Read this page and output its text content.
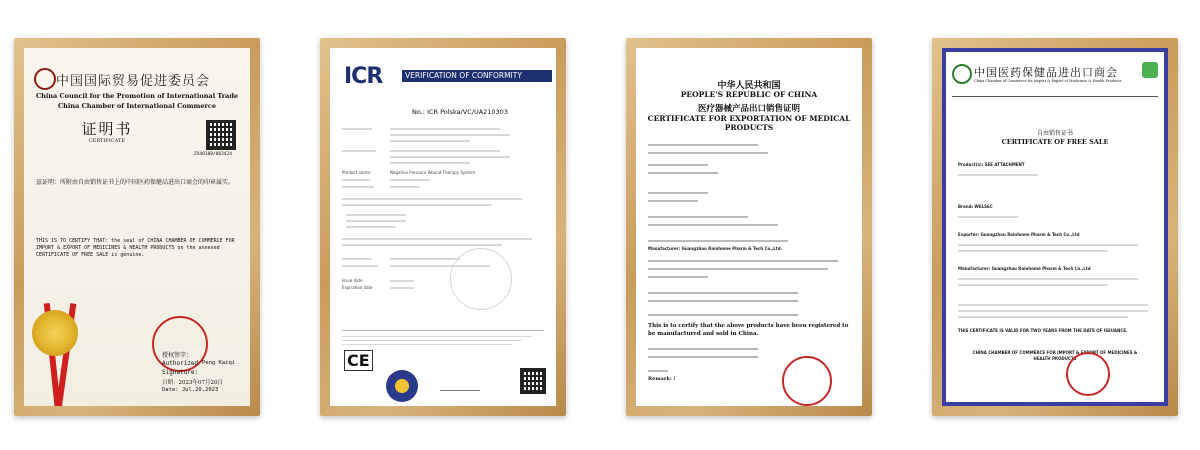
中国国际贸易促进委员会
China Council for the Promotion of International Trade
China Chamber of International Commerce
证明书
CERTIFICATE
ZX40188/003424
兹证明：所附由自由销售证书上的中国医药保健品进出口商会的印章属实。
THIS IS TO CERTIFY THAT: the seal of CHINA CHAMBER OF COMMERCE FOR IMPORT & EXPORT OF MEDICINES & HEALTH PRODUCTS on the annexed CERTIFICATE OF FREE SALE is genuine.
授权签字：
Authorized
Signature:
Peng Kaiqi
日期：2023年07月20日
Date: Jul.20,2023
ICR	VERIFICATION OF CONFORMITY
No.: ICR Polska/VC/UA210303
Product name:	Negative Pressure Wound Therapy System
Issue date
Expiration date
CE
中华人民共和国
PEOPLE'S REPUBLIC OF CHINA
医疗器械产品出口销售证明
CERTIFICATE FOR EXPORTATION OF MEDICAL PRODUCTS
Manufacturer: Guangzhou Rainhome Pharm & Tech Co.,Ltd.
This is to certify that the above products have been registered to be manufactured and sold in China.
Remark: /
中国医药保健品进出口商会
China Chamber of Commerce for Import & Export of Medicines & Health Products
自由销售证书
CERTIFICATE OF FREE SALE
Product(s): SEE ATTACHMENT
Brand: WELSEC
Exporter: Guangzhou Rainhome Pharm & Tech Co.,Ltd
Manufacturer: Guangzhou Rainhome Pharm & Tech Co.,Ltd
THIS CERTIFICATE IS VALID FOR TWO YEARS FROM THE DATE OF ISSUANCE.
CHINA CHAMBER OF COMMERCE FOR IMPORT & EXPORT OF MEDICINES & HEALTH PRODUCTS
